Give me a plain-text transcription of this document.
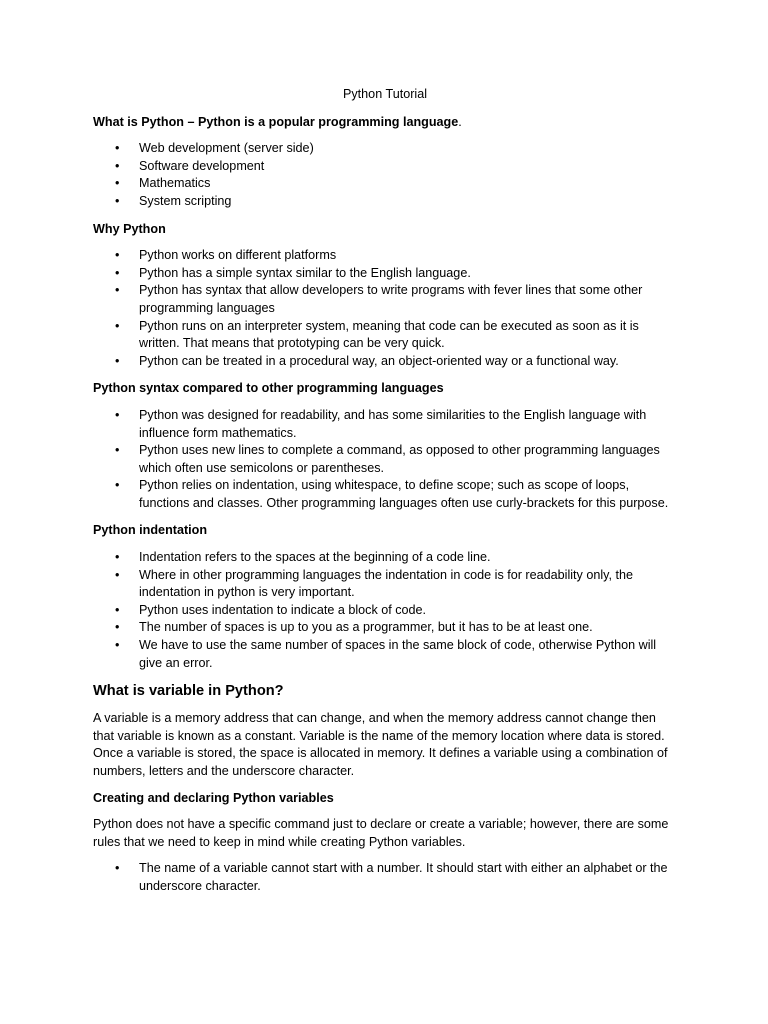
Python Tutorial
What is Python – Python is a popular programming language.
• Web development (server side)
• Software development
• Mathematics
• System scripting
Why Python
• Python works on different platforms
• Python has a simple syntax similar to the English language.
• Python has syntax that allow developers to write programs with fever lines that some other programming languages
• Python runs on an interpreter system, meaning that code can be executed as soon as it is written. That means that prototyping can be very quick.
• Python can be treated in a procedural way, an object-oriented way or a functional way.
Python syntax compared to other programming languages
• Python was designed for readability, and has some similarities to the English language with influence form mathematics.
• Python uses new lines to complete a command, as opposed to other programming languages which often use semicolons or parentheses.
• Python relies on indentation, using whitespace, to define scope; such as scope of loops, functions and classes. Other programming languages often use curly-brackets for this purpose.
Python indentation
• Indentation refers to the spaces at the beginning of a code line.
• Where in other programming languages the indentation in code is for readability only, the indentation in python is very important.
• Python uses indentation to indicate a block of code.
• The number of spaces is up to you as a programmer, but it has to be at least one.
• We have to use the same number of spaces in the same block of code, otherwise Python will give an error.
What is variable in Python?
A variable is a memory address that can change, and when the memory address cannot change then that variable is known as a constant. Variable is the name of the memory location where data is stored. Once a variable is stored, the space is allocated in memory. It defines a variable using a combination of numbers, letters and the underscore character.
Creating and declaring Python variables
Python does not have a specific command just to declare or create a variable; however, there are some rules that we need to keep in mind while creating Python variables.
• The name of a variable cannot start with a number. It should start with either an alphabet or the underscore character.
